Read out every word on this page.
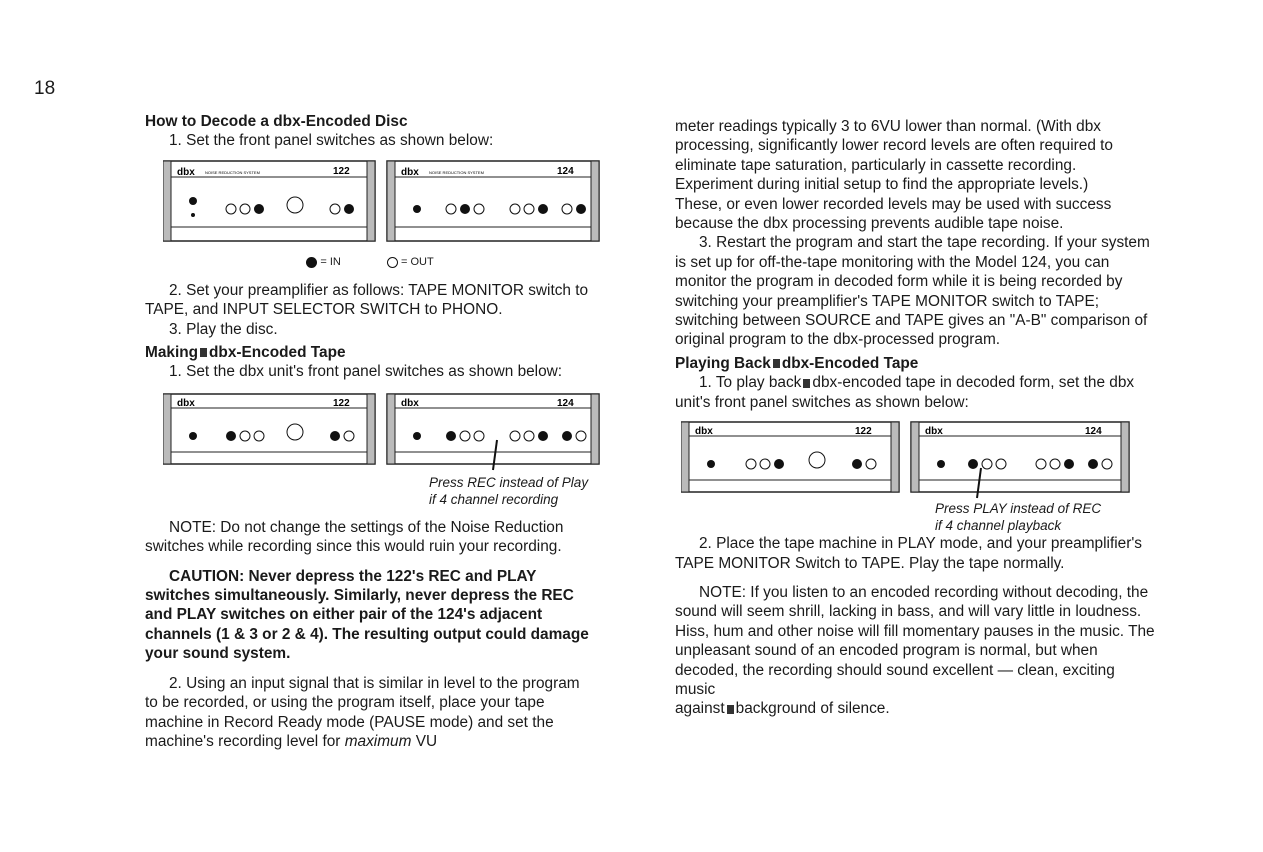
18

How to Decode a dbx-Encoded Disc

1. Set the front panel switches as shown below:

dbx	NOISE REDUCTION SYSTEM	122	dbx	NOISE REDUCTION SYSTEM	124
= IN	= OUT

2. Set your preamplifier as follows: TAPE MONITOR switch to TAPE, and INPUT SELECTOR SWITCH to PHONO.

3. Play the disc.

Making dbx-Encoded Tape

1. Set the dbx unit's front panel switches as shown below:

dbx	122	dbx	124
Press REC instead of Play
if 4 channel recording

NOTE: Do not change the settings of the Noise Reduction switches while recording since this would ruin your recording.

CAUTION: Never depress the 122's REC and PLAY switches simultaneously. Similarly, never depress the REC and PLAY switches on either pair of the 124's adjacent channels (1 & 3 or 2 & 4). The resulting output could damage your sound system.

2. Using an input signal that is similar in level to the program to be recorded, or using the program itself, place your tape machine in Record Ready mode (PAUSE mode) and set the machine's recording level for maximum VU

meter readings typically 3 to 6VU lower than normal. (With dbx processing, significantly lower record levels are often required to eliminate tape saturation, particularly in cassette recording. Experiment during initial setup to find the appropriate levels.)

These, or even lower recorded levels may be used with success because the dbx processing prevents audible tape noise.

3. Restart the program and start the tape recording. If your system is set up for off-the-tape monitoring with the Model 124, you can monitor the program in decoded form while it is being recorded by switching your preamplifier's TAPE MONITOR switch to TAPE; switching between SOURCE and TAPE gives an "A-B" comparison of original program to the dbx-processed program.

Playing Back dbx-Encoded Tape

1. To play back dbx-encoded tape in decoded form, set the dbx unit's front panel switches as shown below:

dbx	122	dbx	124
Press PLAY instead of REC
if 4 channel playback

2. Place the tape machine in PLAY mode, and your preamplifier's TAPE MONITOR Switch to TAPE. Play the tape normally.

NOTE: If you listen to an encoded recording without decoding, the sound will seem shrill, lacking in bass, and will vary little in loudness. Hiss, hum and other noise will fill momentary pauses in the music. The unpleasant sound of an encoded program is normal, but when decoded, the recording should sound excellent — clean, exciting music

against background of silence.
